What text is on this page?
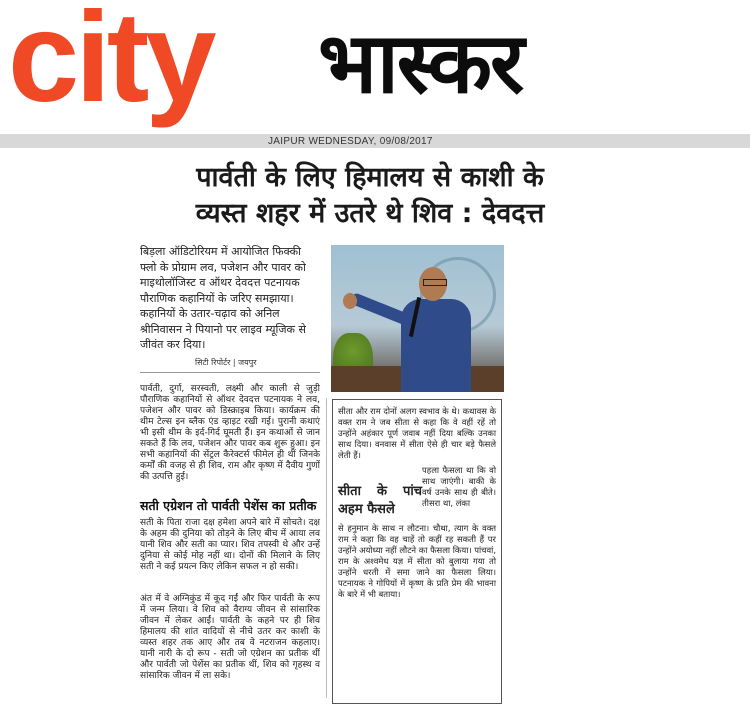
city भास्कर
JAIPUR WEDNESDAY, 09/08/2017
पार्वती के लिए हिमालय से काशी के
व्यस्त शहर में उतरे थे शिव : देवदत्त
बिड़ला ऑडिटोरियम में आयोजित फिक्की फ्लो के प्रोग्राम लव, पजेशन और पावर को माइथोलॉजिस्ट व ऑथर देवदत्त पटनायक पौराणिक कहानियों के जरिए समझाया। कहानियों के उतार-चढ़ाव को अनिल श्रीनिवासन ने पियानो पर लाइव म्यूजिक से जीवंत कर दिया।
सिटी रिपोर्टर | जयपुर
पार्वती, दुर्गा, सरस्वती, लक्ष्मी और काली से जुड़ी पौराणिक कहानियों से ऑथर देवदत्त पटनायक ने लव, पजेशन और पावर को डिस्क्राइब किया। कार्यक्रम की थीम टेल्स इन ब्लैक एंड व्हाइट रखी गई। पुरानी कथाएं भी इसी थीम के इर्द-गिर्द घूमती हैं। इन कथाओं से जान सकते हैं कि लव, पजेशन और पावर कब शुरू हुआ। इन सभी कहानियों की सेंट्रल कैरेक्टर्स फीमेल ही थीं जिनके कर्मों की वजह से ही शिव, राम और कृष्ण में दैवीय गुणों की उत्पत्ति हुई।
सती एग्रेशन तो पार्वती पेशेंस का प्रतीक
सती के पिता राजा दक्ष हमेशा अपने बारे में सोचते। दक्ष के अहम की दुनिया को तोड़ने के लिए बीच में आया लव यानी शिव और सती का प्यार। शिव तपस्वी थे और उन्हें दुनिया से कोई मोह नहीं था। दोनों की मिलाने के लिए सती ने कई प्रयत्न किए लेकिन सफल न हो सकी।
अंत में वे अग्निकुंड में कूद गईं और फिर पार्वती के रूप में जन्म लिया। वे शिव को वैराग्य जीवन से सांसारिक जीवन में लेकर आईं। पार्वती के कहने पर ही शिव हिमालय की शांत वादियों से नीचे उतर कर काशी के व्यस्त शहर तक आए और तब वे नटराजन कहलाए। यानी नारी के दो रूप - सती जो एग्रेशन का प्रतीक थीं और पार्वती जो पेशेंस का प्रतीक थीं, शिव को गृहस्थ व सांसारिक जीवन में ला सके।
सीता और राम दोनों अलग स्वभाव के थे। कथावस के वक्त राम ने जब सीता से कहा कि वे वहीं रहें तो उन्होंने अहंकार पूर्ण जवाब नहीं दिया बल्कि उनका साथ दिया। वनवास में सीता ऐसे ही चार बड़े फैसले लेती हैं।
सीता के पांच अहम फैसले
पहला फैसला था कि वो साथ जाएंगी। बाकी के वर्ष उनके साथ ही बीते। तीसरा था, लंका
से हनुमान के साथ न लौटना। चौथा, त्याग के वक्त राम ने कहा कि वह चाहें तो कहीं रह सकती हैं पर उन्होंने अयोध्या नहीं लौटने का फैसला किया। पांचवां, राम के अश्वमेध यज्ञ में सीता को बुलाया गया तो उन्होंने धरती में समा जाने का फैसला लिया। पटनायक ने गोपियों में कृष्ण के प्रति प्रेम की भावना के बारे में भी बताया।
